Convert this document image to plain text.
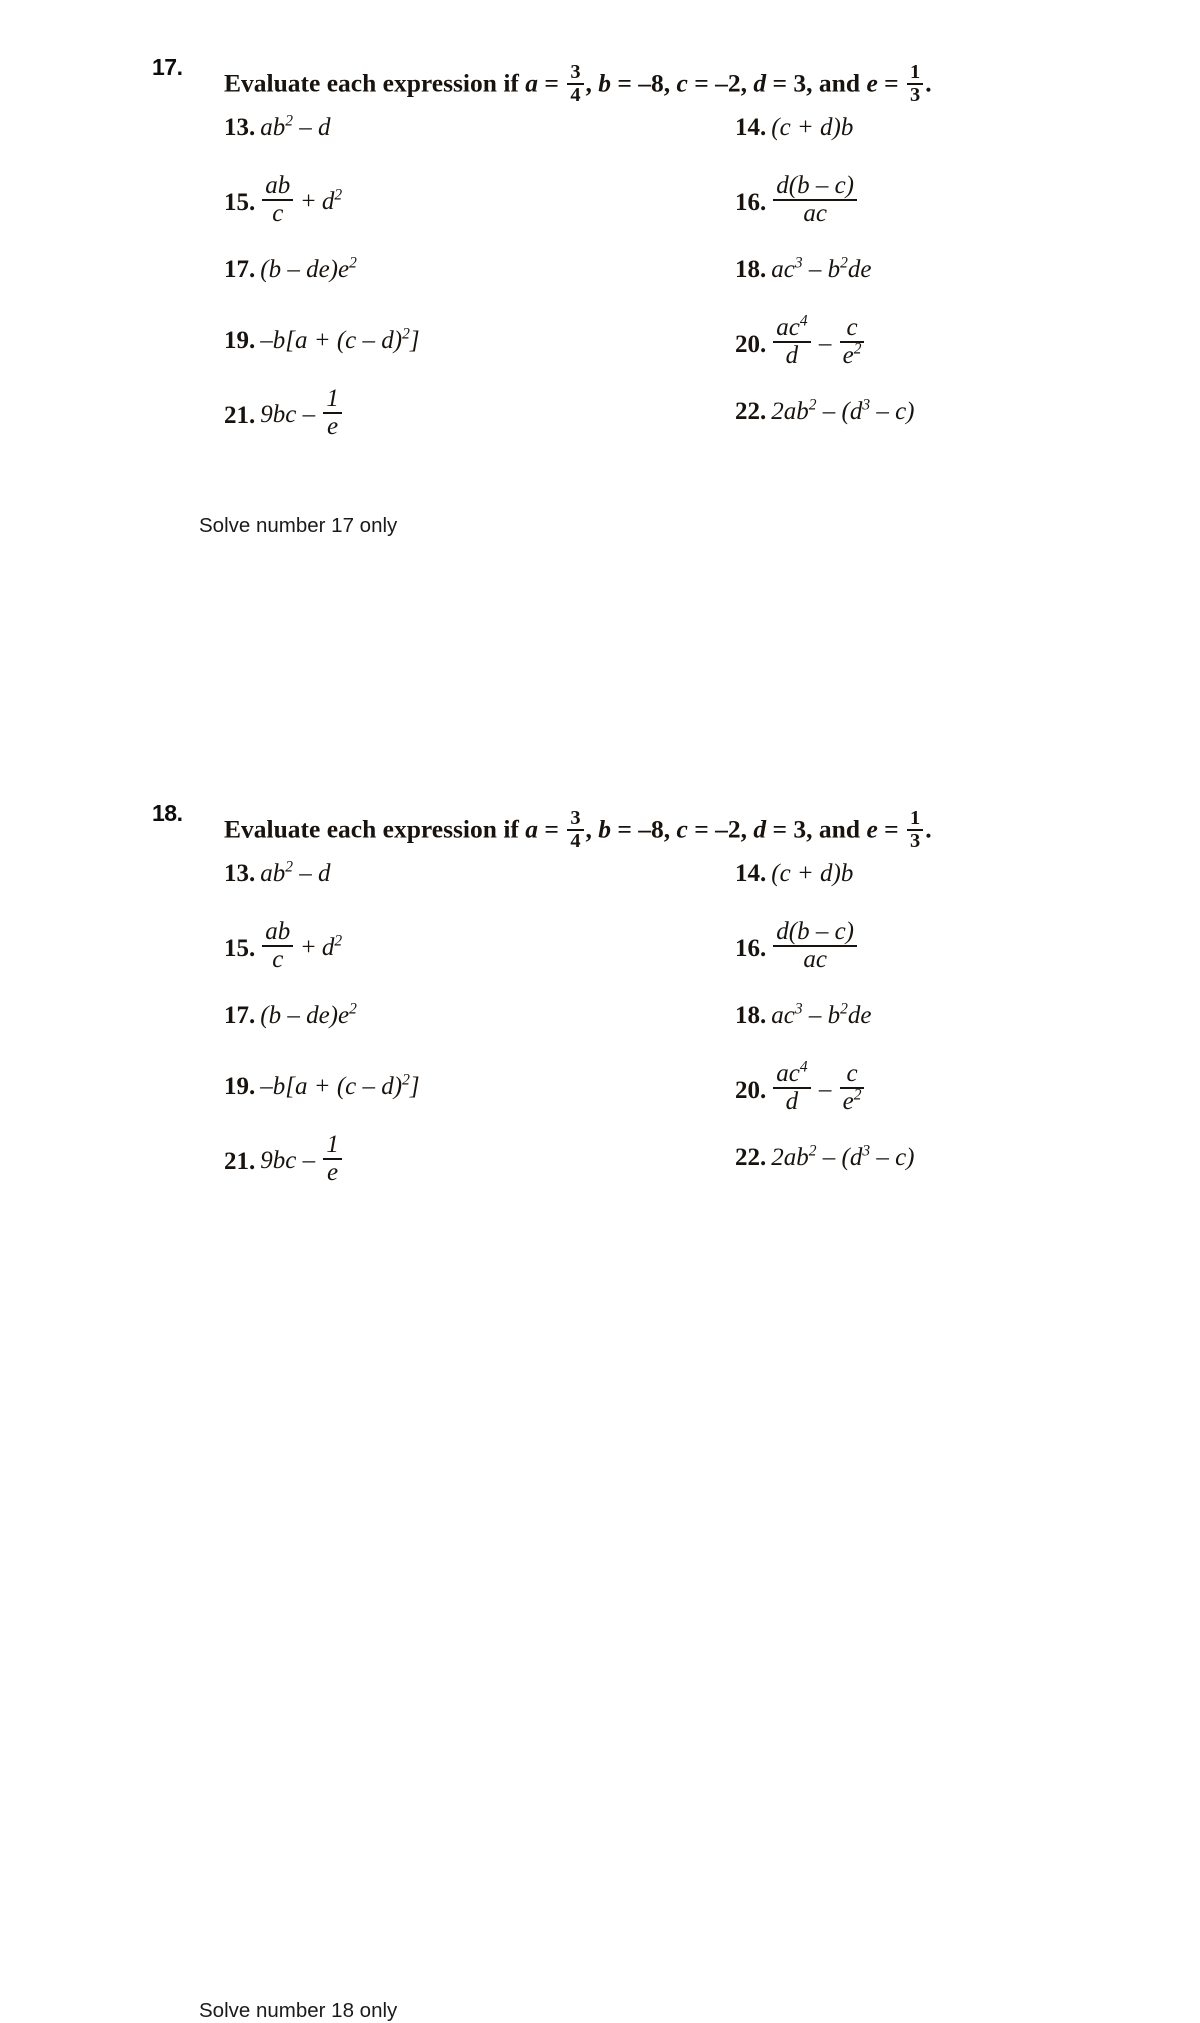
17.
Evaluate each expression if $a = \frac{3}{4}$ , b = –8, c = –2, d = 3, and $e = \frac{1}{3}$ .
13. $ab^2$ – d	14. (c + d)b
15. $\frac{ab}{c} + d^2$	16. $\frac{d(b - c)}{ac}$
17. $(b - de)e^2$	18. $ac^3 - b^2de$
19. –b[a + (c – d)$^2$]	20. $\frac{ac^4}{d} - \frac{c}{e^2}$
21. $9bc - \frac{1}{e}$	22. $2ab^2 - (d^3 - c)$
Solve number 17 only
18.
Evaluate each expression if $a = \frac{3}{4}$ , b = –8, c = –2, d = 3, and $e = \frac{1}{3}$ .
13. $ab^2$ – d	14. (c + d)b
15. $\frac{ab}{c} + d^2$	16. $\frac{d(b - c)}{ac}$
17. $(b - de)e^2$	18. $ac^3 - b^2de$
19. –b[a + (c – d)$^2$]	20. $\frac{ac^4}{d} - \frac{c}{e^2}$
21. $9bc - \frac{1}{e}$	22. $2ab^2 - (d^3 - c)$
Solve number 18 only
